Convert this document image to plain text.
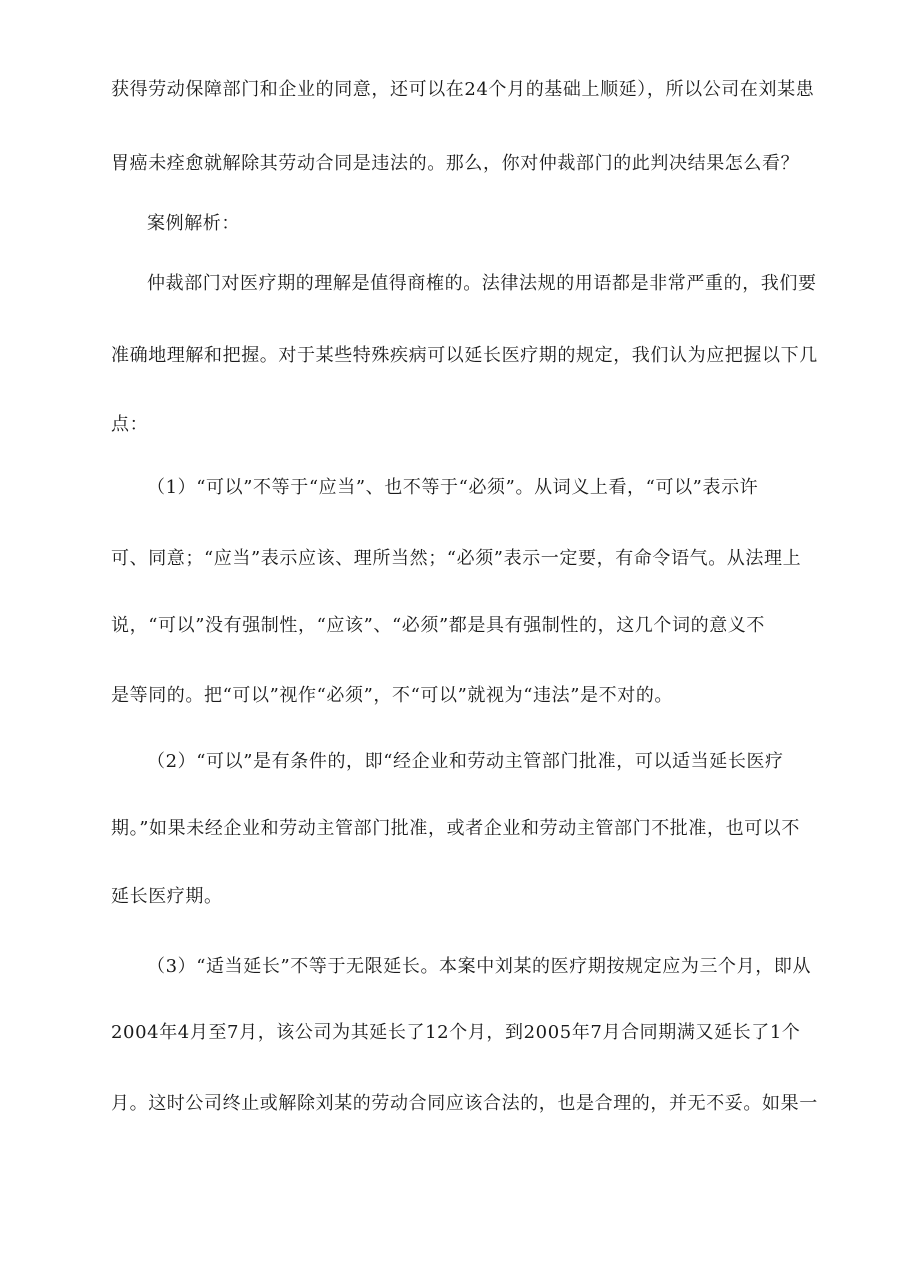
获得劳动保障部门和企业的同意，还可以在24个月的基础上顺延），所以公司在刘某患
胃癌未痊愈就解除其劳动合同是违法的。那么，你对仲裁部门的此判决结果怎么看？
案例解析：
仲裁部门对医疗期的理解是值得商榷的。法律法规的用语都是非常严重的，我们要
准确地理解和把握。对于某些特殊疾病可以延长医疗期的规定，我们认为应把握以下几
点：
（1）“可以”不等于“应当”、也不等于“必须”。从词义上看，“可以”表示许
可、同意；“应当”表示应该、理所当然；“必须”表示一定要，有命令语气。从法理上
说，“可以”没有强制性，“应该”、“必须”都是具有强制性的，这几个词的意义不
是等同的。把“可以”视作“必须”，不“可以”就视为“违法”是不对的。
（2）“可以”是有条件的，即“经企业和劳动主管部门批准，可以适当延长医疗
期。”如果未经企业和劳动主管部门批准，或者企业和劳动主管部门不批准，也可以不
延长医疗期。
（3）“适当延长”不等于无限延长。本案中刘某的医疗期按规定应为三个月，即从
2004年4月至7月，该公司为其延长了12个月，到2005年7月合同期满又延长了1个
月。这时公司终止或解除刘某的劳动合同应该合法的，也是合理的，并无不妥。如果一
